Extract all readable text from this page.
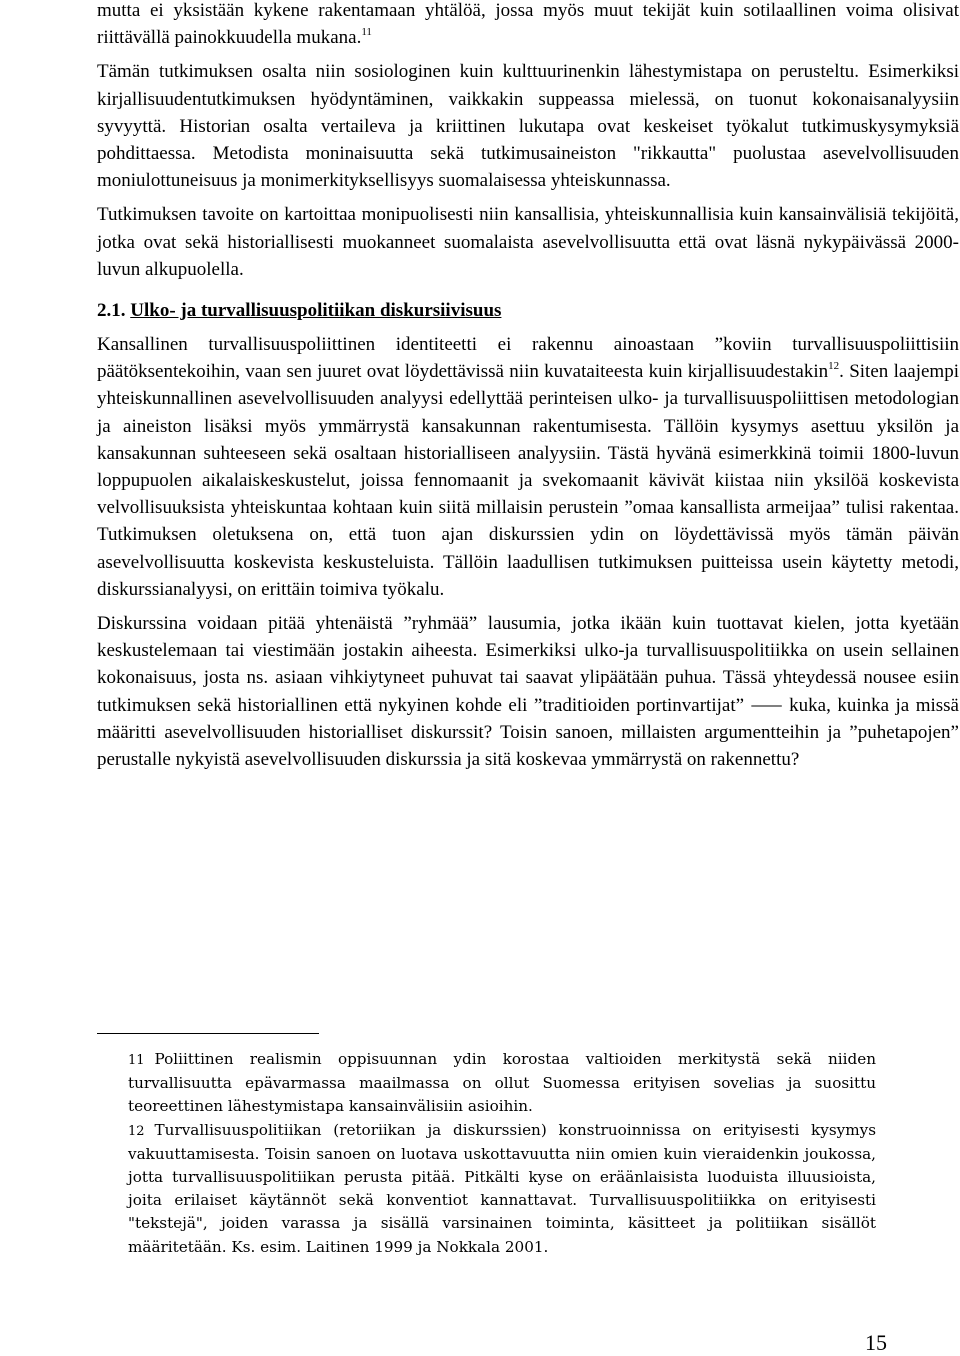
mutta ei yksistään kykene rakentamaan yhtälöä, jossa myös muut tekijät kuin sotilaallinen voima olisivat riittävällä painokkuudella mukana.$^{11}$

Tämän tutkimuksen osalta niin sosiologinen kuin kulttuurinenkin lähestymistapa on perusteltu. Esimerkiksi kirjallisuudentutkimuksen hyödyntäminen, vaikkakin suppeassa mielessä, on tuonut kokonaisanalyysiin syvyyttä. Historian osalta vertaileva ja kriittinen lukutapa ovat keskeiset työkalut tutkimuskysymyksiä pohdittaessa. Metodista moninaisuutta sekä tutkimusaineiston "rikkautta" puolustaa asevelvollisuuden moniulottuneisuus ja monimerkityksellisyys suomalaisessa yhteiskunnassa.

Tutkimuksen tavoite on kartoittaa monipuolisesti niin kansallisia, yhteiskunnallisia kuin kansainvälisiä tekijöitä, jotka ovat sekä historiallisesti muokanneet suomalaista asevelvollisuutta että ovat läsnä nykypäivässä 2000-luvun alkupuolella.

2.1. Ulko- ja turvallisuuspolitiikan diskursiivisuus

Kansallinen turvallisuuspoliittinen identiteetti ei rakennu ainoastaan ”koviin turvallisuuspoliittisiin päätöksentekoihin, vaan sen juuret ovat löydettävissä niin kuvataiteesta kuin kirjallisuudestakin$^{12}$. Siten laajempi yhteiskunnallinen asevelvollisuuden analyysi edellyttää perinteisen ulko- ja turvallisuuspoliittisen metodologian ja aineiston lisäksi myös ymmärrystä kansakunnan rakentumisesta. Tällöin kysymys asettuu yksilön ja kansakunnan suhteeseen sekä osaltaan historialliseen analyysiin. Tästä hyvänä esimerkkinä toimii 1800-luvun loppupuolen aikalaiskeskustelut, joissa fennomaanit ja svekomaanit kävivät kiistaa niin yksilöä koskevista velvollisuuksista yhteiskuntaa kohtaan kuin siitä millaisin perustein ”omaa kansallista armeijaa” tulisi rakentaa. Tutkimuksen oletuksena on, että tuon ajan diskurssien ydin on löydettävissä myös tämän päivän asevelvollisuutta koskevista keskusteluista. Tällöin laadullisen tutkimuksen puitteissa usein käytetty metodi, diskurssianalyysi, on erittäin toimiva työkalu.

Diskurssina voidaan pitää yhtenäistä ”ryhmää” lausumia, jotka ikään kuin tuottavat kielen, jotta kyetään keskustelemaan tai viestimään jostakin aiheesta. Esimerkiksi ulko-ja turvallisuuspolitiikka on usein sellainen kokonaisuus, josta ns. asiaan vihkiytyneet puhuvat tai saavat ylipäätään puhua. Tässä yhteydessä nousee esiin tutkimuksen sekä historiallinen että nykyinen kohde eli ”traditioiden portinvartijat” ⸺ kuka, kuinka ja missä määritti asevelvollisuuden historialliset diskurssit? Toisin sanoen, millaisten argumentteihin ja ”puhetapojen” perustalle nykyistä asevelvollisuuden diskurssia ja sitä koskevaa ymmärrystä on rakennettu?

11 Poliittinen realismin oppisuunnan ydin korostaa valtioiden merkitystä sekä niiden turvallisuutta epävarmassa maailmassa on ollut Suomessa erityisen sovelias ja suosittu teoreettinen lähestymistapa kansainvälisiin asioihin.

12 Turvallisuuspolitiikan (retoriikan ja diskurssien) konstruoinnissa on erityisesti kysymys vakuuttamisesta. Toisin sanoen on luotava uskottavuutta niin omien kuin vieraidenkin joukossa, jotta turvallisuuspolitiikan perusta pitää. Pitkälti kyse on eräänlaisista luoduista illuusioista, joita erilaiset käytännöt sekä konventiot kannattavat. Turvallisuuspolitiikka on erityisesti "tekstejä", joiden varassa ja sisällä varsinainen toiminta, käsitteet ja politiikan sisällöt määritetään. Ks. esim. Laitinen 1999 ja Nokkala 2001.

15
